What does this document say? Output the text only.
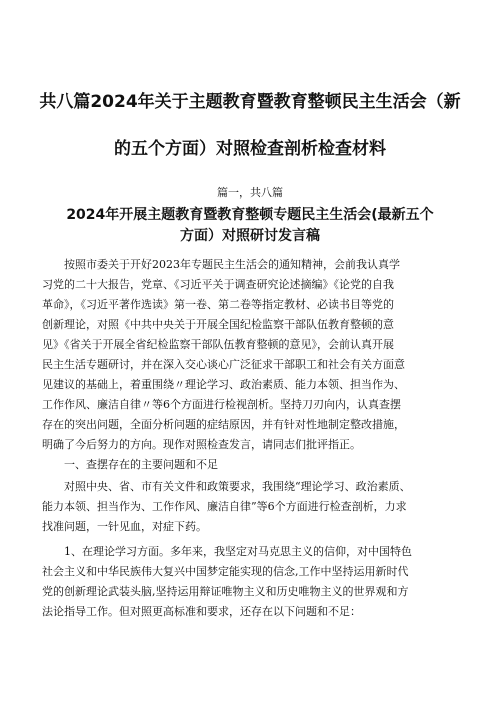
共八篇2024年关于主题教育暨教育整顿民主生活会（新
的五个方面）对照检查剖析检查材料
篇一，共八篇
2024年开展主题教育暨教育整顿专题民主生活会(最新五个
方面）对照研讨发言稿
按照市委关于开好2023年专题民主生活会的通知精神，会前我认真学
习党的二十大报告，党章、《习近平关于调查研究论述摘编》《论党的自我
革命》，《习近平著作选读》第一卷、第二卷等指定教材、必读书目等党的
创新理论，对照《中共中央关于开展全国纪检监察干部队伍教育整顿的意
见》《省关于开展全省纪检监察干部队伍教育整顿的意见》，会前认真开展
民主生活专题研讨，并在深入交心谈心广泛征求干部职工和社会有关方面意
见建议的基础上，着重围绕〃理论学习、政治素质、能力本领、担当作为、
工作作风、廉洁自律〃等6个方面进行检视剖析。坚持刀刃向内，认真查摆
存在的突出问题，全面分析问题的症结原因，并有针对性地制定整改措施，
明确了今后努力的方向。现作对照检查发言，请同志们批评指正。
一、查摆存在的主要问题和不足
对照中央、省、市有关文件和政策要求，我围绕“理论学习、政治素质、
能力本领、担当作为、工作作风、廉洁自律”等6个方面进行检查剖析，力求
找准问题，一针见血，对症下药。
1、在理论学习方面。多年来，我坚定对马克思主义的信仰，对中国特色
社会主义和中华民族伟大复兴中国梦定能实现的信念,工作中坚持运用新时代
党的创新理论武装头脑,坚持运用辩证唯物主义和历史唯物主义的世界观和方
法论指导工作。但对照更高标准和要求，还存在以下问题和不足：
